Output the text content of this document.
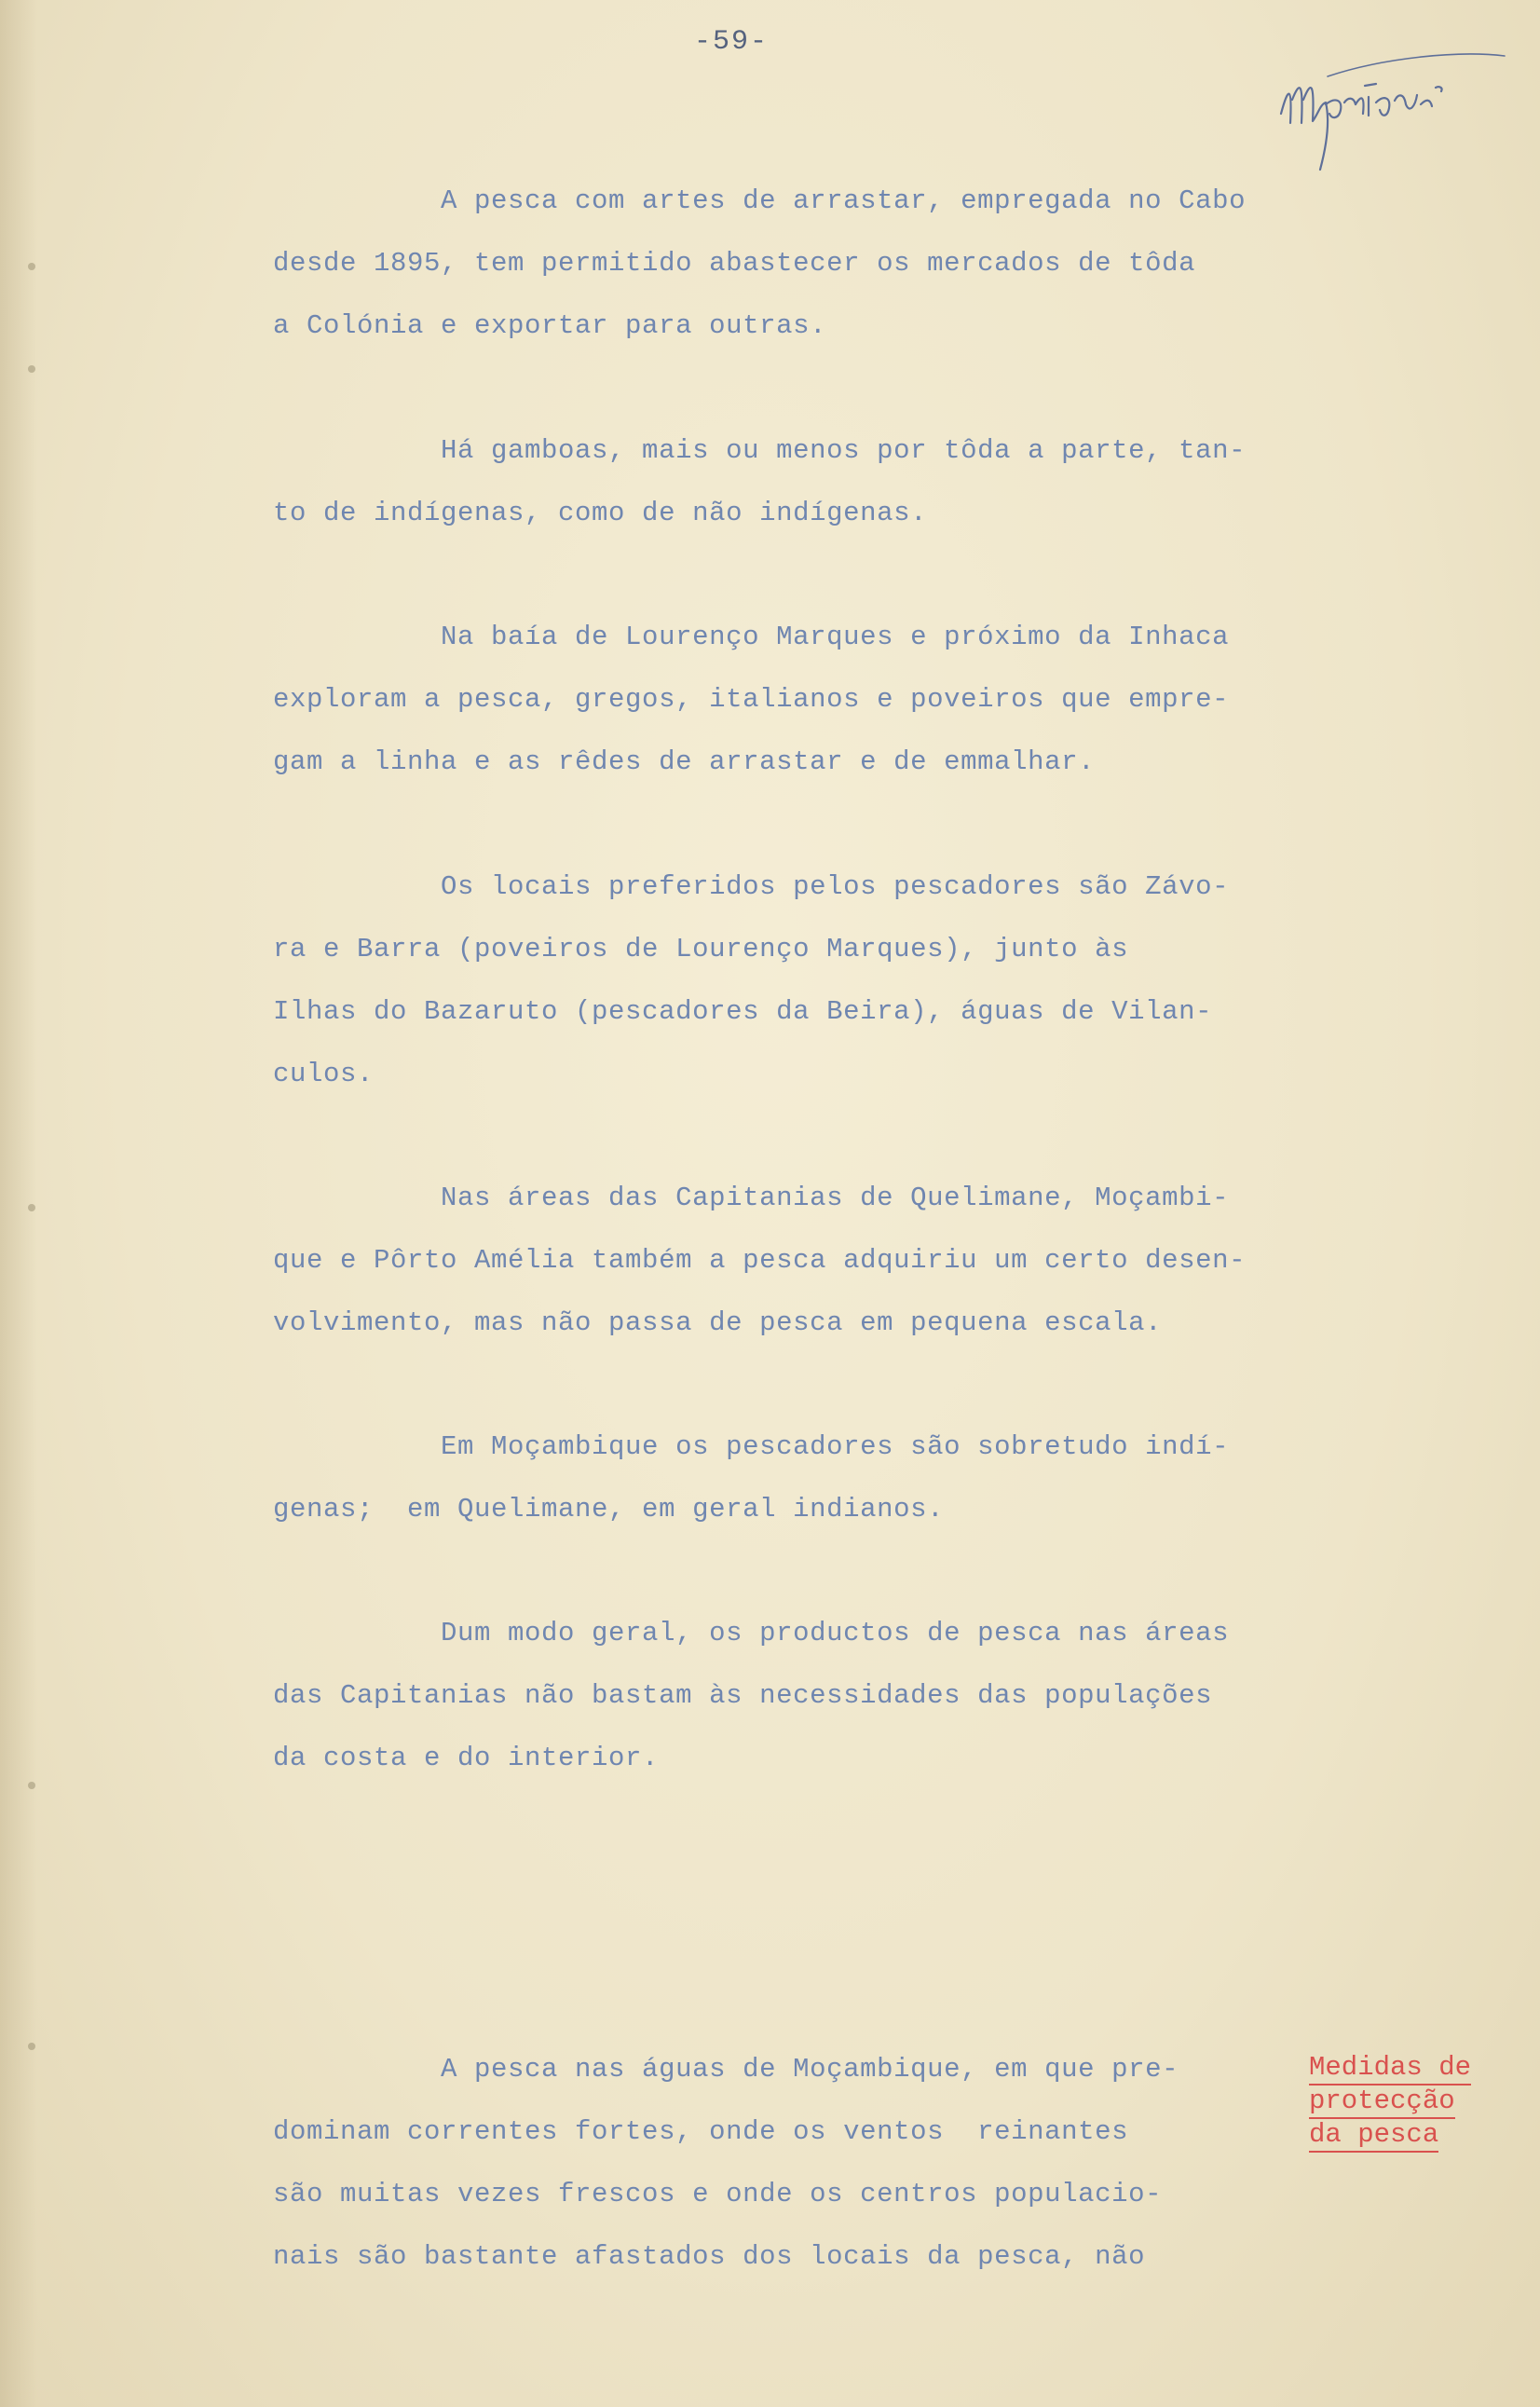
-59-

A pesca com artes de arrastar, empregada no Cabo
desde 1895, tem permitido abastecer os mercados de tôda
a Colónia e exportar para outras.

Há gamboas, mais ou menos por tôda a parte, tan-
to de indígenas, como de não indígenas.

Na baía de Lourenço Marques e próximo da Inhaca
exploram a pesca, gregos, italianos e poveiros que empre-
gam a linha e as rêdes de arrastar e de emmalhar.

Os locais preferidos pelos pescadores são Závo-
ra e Barra (poveiros de Lourenço Marques), junto às
Ilhas do Bazaruto (pescadores da Beira), águas de Vilan-
culos.

Nas áreas das Capitanias de Quelimane, Moçambi-
que e Pôrto Amélia também a pesca adquiriu um certo desen-
volvimento, mas não passa de pesca em pequena escala.

Em Moçambique os pescadores são sobretudo indí-
genas;  em Quelimane, em geral indianos.

Dum modo geral, os productos de pesca nas áreas
das Capitanias não bastam às necessidades das populações
da costa e do interior.

A pesca nas águas de Moçambique, em que pre-
dominam correntes fortes, onde os ventos  reinantes
são muitas vezes frescos e onde os centros populacio-
nais são bastante afastados dos locais da pesca, não

Medidas de
protecção
da pesca
